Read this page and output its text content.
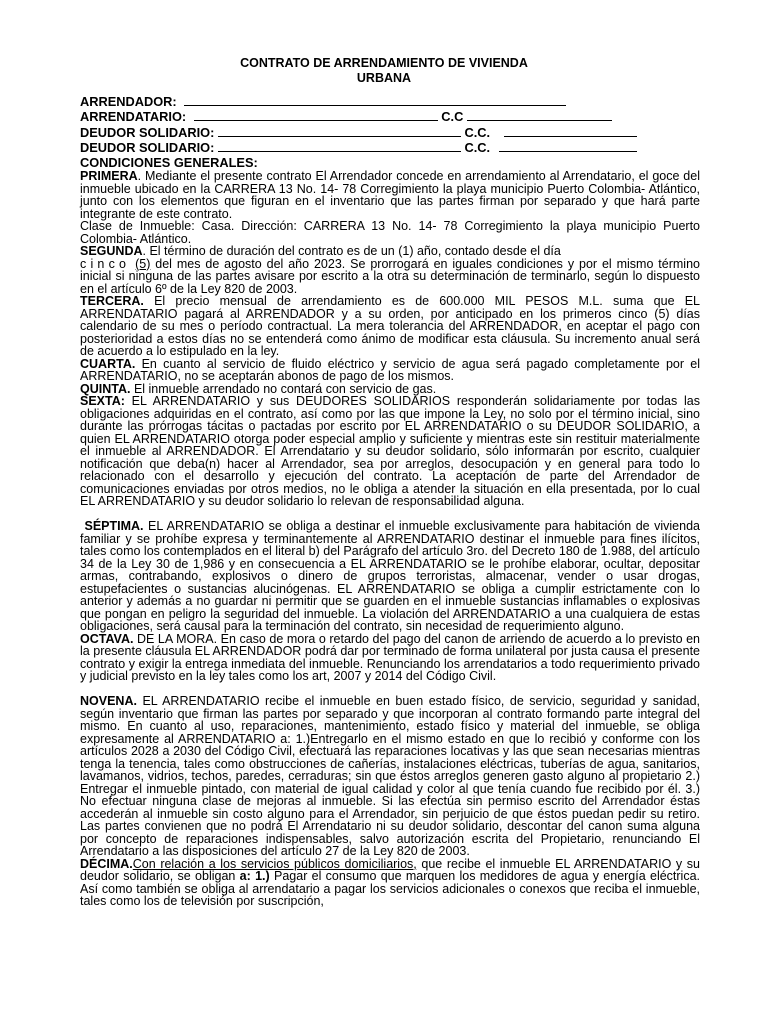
CONTRATO DE ARRENDAMIENTO DE VIVIENDA
URBANA
ARRENDADOR:
ARRENDATARIO:	C.C
DEUDOR SOLIDARIO:	C.C.
DEUDOR SOLIDARIO:	C.C.
CONDICIONES GENERALES:

PRIMERA. Mediante el presente contrato El Arrendador concede en arrendamiento al Arrendatario, el goce del inmueble ubicado en la CARRERA 13 No. 14- 78 Corregimiento la playa municipio Puerto Colombia- Atlántico, junto con los elementos que figuran en el inventario que las partes firman por separado y que hará parte integrante de este contrato.

Clase de Inmueble: Casa. Dirección: CARRERA 13 No. 14- 78 Corregimiento la playa municipio Puerto Colombia- Atlántico.

SEGUNDA. El término de duración del contrato es de un (1) año, contado desde el día
cinco (5) del mes de agosto del año 2023. Se prorrogará en iguales condiciones y por el mismo término inicial si ninguna de las partes avisare por escrito a la otra su determinación de terminarlo, según lo dispuesto en el artículo 6º de la Ley 820 de 2003.

TERCERA. El precio mensual de arrendamiento es de 600.000 MIL PESOS M.L. suma que EL ARRENDATARIO pagará al ARRENDADOR y a su orden, por anticipado en los primeros cinco (5) días calendario de su mes o período contractual. La mera tolerancia del ARRENDADOR, en aceptar el pago con posterioridad a estos días no se entenderá como ánimo de modificar esta cláusula. Su incremento anual será de acuerdo a lo estipulado en la ley.

CUARTA. En cuanto al servicio de fluido eléctrico y servicio de agua será pagado completamente por el ARRENDATARIO, no se aceptarán abonos de pago de los mismos.

QUINTA. El inmueble arrendado no contará con servicio de gas.

SEXTA: EL ARRENDATARIO y sus DEUDORES SOLIDARIOS responderán solidariamente por todas las obligaciones adquiridas en el contrato, así como por las que impone la Ley, no solo por el término inicial, sino durante las prórrogas tácitas o pactadas por escrito por EL ARRENDATARIO o su DEUDOR SOLIDARIO, a quien EL ARRENDATARIO otorga poder especial amplio y suficiente y mientras este sin restituir materialmente el inmueble al ARRENDADOR. El Arrendatario y su deudor solidario, sólo informarán por escrito, cualquier notificación que deba(n) hacer al Arrendador, sea por arreglos, desocupación y en general para todo lo relacionado con el desarrollo y ejecución del contrato. La aceptación de parte del Arrendador de comunicaciones enviadas por otros medios, no le obliga a atender la situación en ella presentada, por lo cual EL ARRENDATARIO y su deudor solidario lo relevan de responsabilidad alguna.

SÉPTIMA. EL ARRENDATARIO se obliga a destinar el inmueble exclusivamente para habitación de vivienda familiar y se prohíbe expresa y terminantemente al ARRENDATARIO destinar el inmueble para fines ilícitos, tales como los contemplados en el literal b) del Parágrafo del artículo 3ro. del Decreto 180 de 1.988, del artículo 34 de la Ley 30 de 1,986 y en consecuencia a EL ARRENDATARIO se le prohíbe elaborar, ocultar, depositar armas, contrabando, explosivos o dinero de grupos terroristas, almacenar, vender o usar drogas, estupefacientes o sustancias alucinógenas. EL ARRENDATARIO se obliga a cumplir estrictamente con lo anterior y además a no guardar ni permitir que se guarden en el inmueble sustancias inflamables o explosivas que pongan en peligro la seguridad del inmueble. La violación del ARRENDATARIO a una cualquiera de estas obligaciones, será causal para la terminación del contrato, sin necesidad de requerimiento alguno.

OCTAVA. DE LA MORA. En caso de mora o retardo del pago del canon de arriendo de acuerdo a lo previsto en la presente cláusula EL ARRENDADOR podrá dar por terminado de forma unilateral por justa causa el presente contrato y exigir la entrega inmediata del inmueble. Renunciando los arrendatarios a todo requerimiento privado y judicial previsto en la ley tales como los art, 2007 y 2014 del Código Civil.

NOVENA. EL ARRENDATARIO recibe el inmueble en buen estado físico, de servicio, seguridad y sanidad, según inventario que firman las partes por separado y que incorporan al contrato formando parte integral del mismo. En cuanto al uso, reparaciones, mantenimiento, estado físico y material del inmueble, se obliga expresamente al ARRENDATARIO a: 1.)Entregarlo en el mismo estado en que lo recibió y conforme con los artículos 2028 a 2030 del Código Civil, efectuará las reparaciones locativas y las que sean necesarias mientras tenga la tenencia, tales como obstrucciones de cañerías, instalaciones eléctricas, tuberías de agua, sanitarios, lavamanos, vidrios, techos, paredes, cerraduras; sin que éstos arreglos generen gasto alguno al propietario 2.) Entregar el inmueble pintado, con material de igual calidad y color al que tenía cuando fue recibido por él. 3.) No efectuar ninguna clase de mejoras al inmueble. Si las efectúa sin permiso escrito del Arrendador éstas accederán al inmueble sin costo alguno para el Arrendador, sin perjuicio de que éstos puedan pedir su retiro. Las partes convienen que no podrá El Arrendatario ni su deudor solidario, descontar del canon suma alguna por concepto de reparaciones indispensables, salvo autorización escrita del Propietario, renunciando El Arrendatario a las disposiciones del artículo 27 de la Ley 820 de 2003.

DÉCIMA.Con relación a los servicios públicos domiciliarios, que recibe el inmueble EL ARRENDATARIO y su deudor solidario, se obligan a: 1.) Pagar el consumo que marquen los medidores de agua y energía eléctrica. Así como también se obliga al arrendatario a pagar los servicios adicionales o conexos que reciba el inmueble, tales como los de televisión por suscripción,
